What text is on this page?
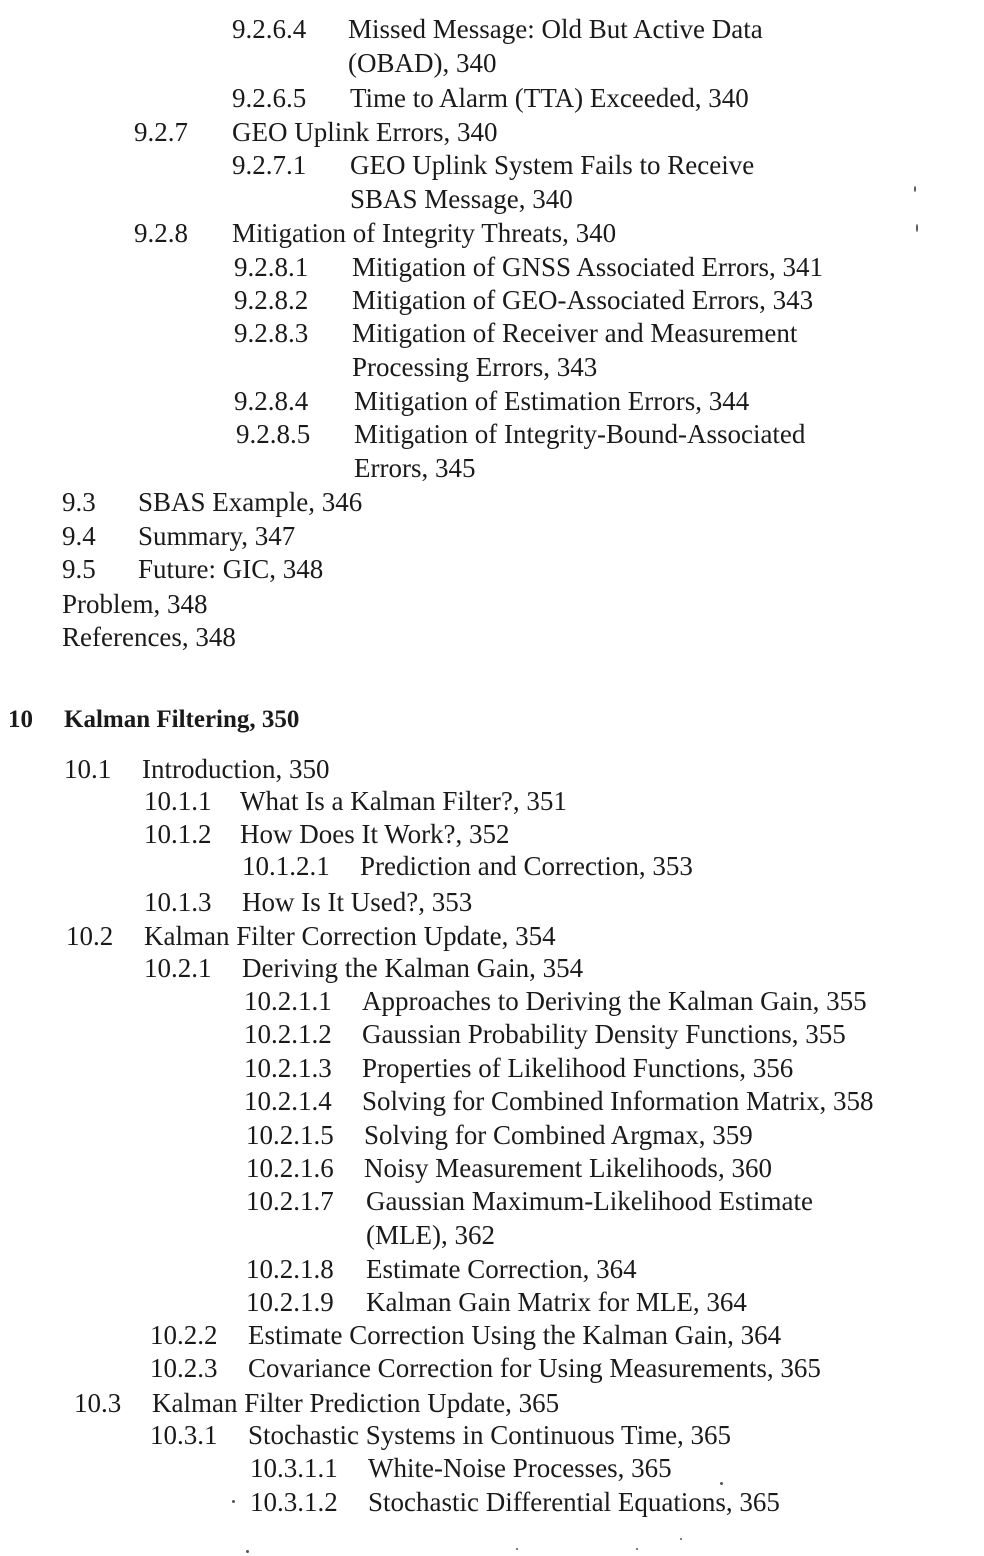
9.2.6.4 Missed Message: Old But Active Data
(OBAD), 340
9.2.6.5 Time to Alarm (TTA) Exceeded, 340
9.2.7 GEO Uplink Errors, 340
9.2.7.1 GEO Uplink System Fails to Receive
SBAS Message, 340
9.2.8 Mitigation of Integrity Threats, 340
9.2.8.1 Mitigation of GNSS Associated Errors, 341
9.2.8.2 Mitigation of GEO-Associated Errors, 343
9.2.8.3 Mitigation of Receiver and Measurement
Processing Errors, 343
9.2.8.4 Mitigation of Estimation Errors, 344
9.2.8.5 Mitigation of Integrity-Bound-Associated
Errors, 345
9.3 SBAS Example, 346
9.4 Summary, 347
9.5 Future: GIC, 348
Problem, 348
References, 348
10 Kalman Filtering, 350
10.1 Introduction, 350
10.1.1 What Is a Kalman Filter?, 351
10.1.2 How Does It Work?, 352
10.1.2.1 Prediction and Correction, 353
10.1.3 How Is It Used?, 353
10.2 Kalman Filter Correction Update, 354
10.2.1 Deriving the Kalman Gain, 354
10.2.1.1 Approaches to Deriving the Kalman Gain, 355
10.2.1.2 Gaussian Probability Density Functions, 355
10.2.1.3 Properties of Likelihood Functions, 356
10.2.1.4 Solving for Combined Information Matrix, 358
10.2.1.5 Solving for Combined Argmax, 359
10.2.1.6 Noisy Measurement Likelihoods, 360
10.2.1.7 Gaussian Maximum-Likelihood Estimate
(MLE), 362
10.2.1.8 Estimate Correction, 364
10.2.1.9 Kalman Gain Matrix for MLE, 364
10.2.2 Estimate Correction Using the Kalman Gain, 364
10.2.3 Covariance Correction for Using Measurements, 365
10.3 Kalman Filter Prediction Update, 365
10.3.1 Stochastic Systems in Continuous Time, 365
10.3.1.1 White-Noise Processes, 365
10.3.1.2 Stochastic Differential Equations, 365
